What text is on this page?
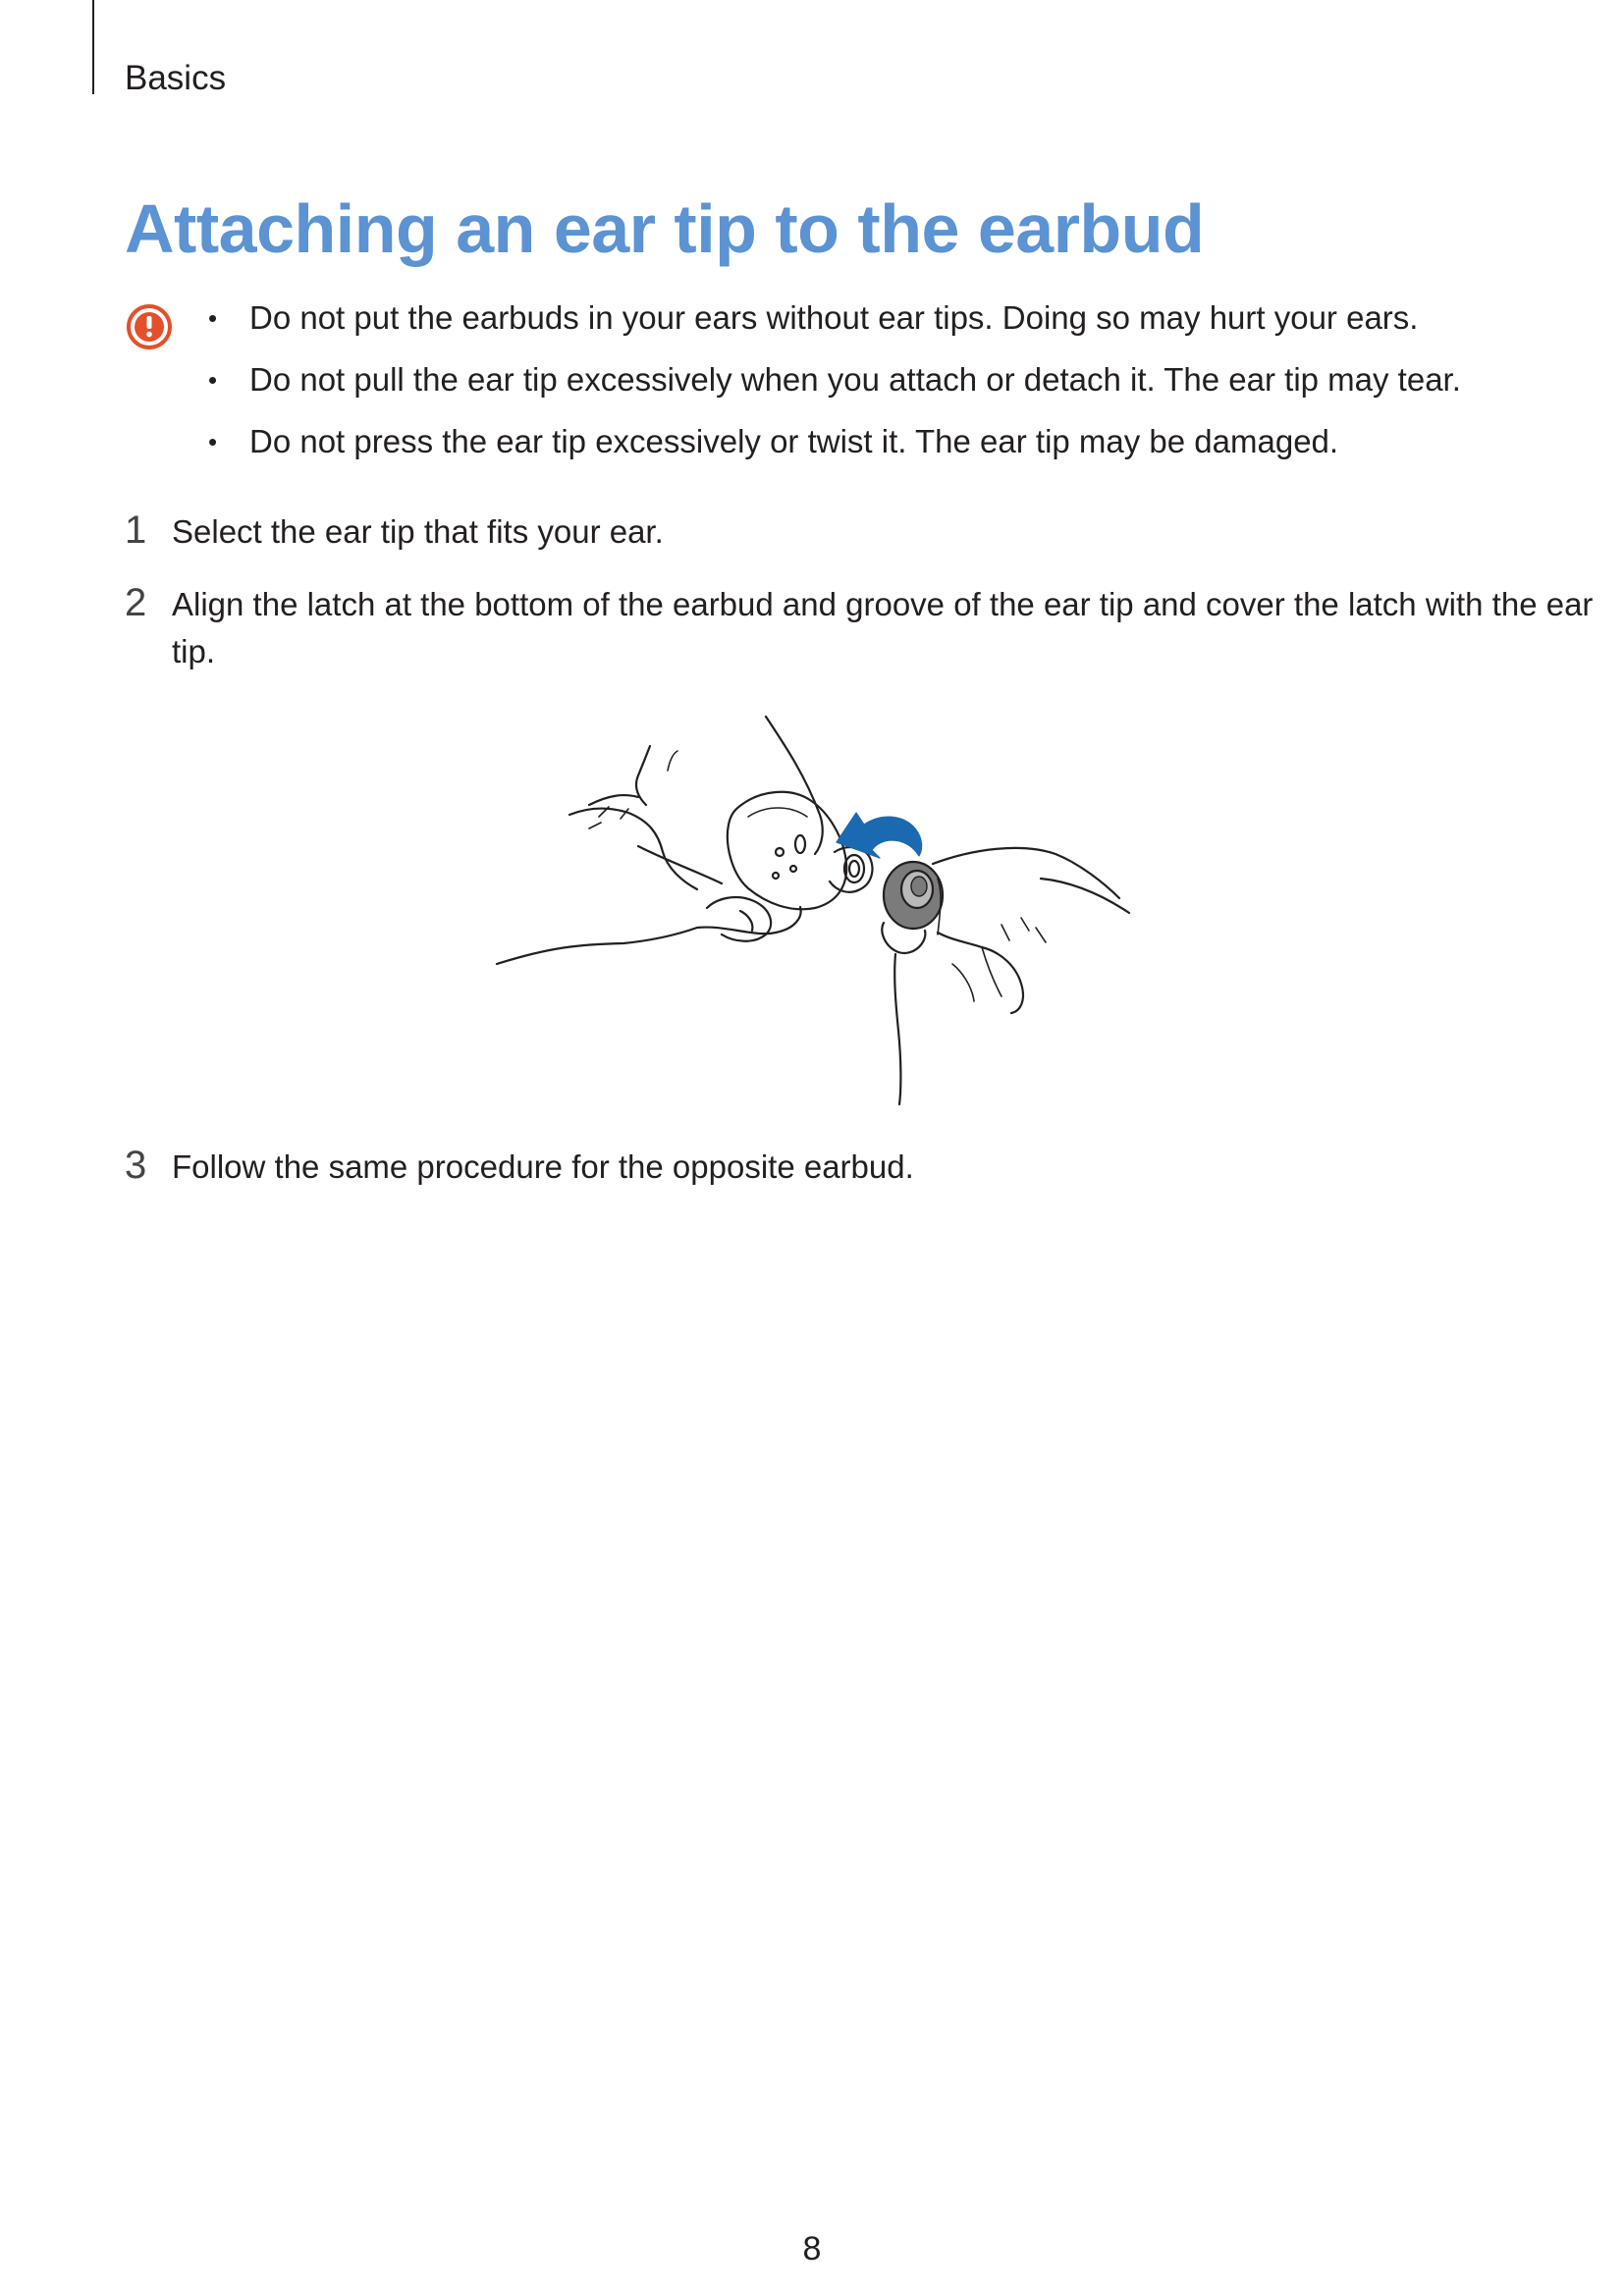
Basics
Attaching an ear tip to the earbud
• Do not put the earbuds in your ears without ear tips. Doing so may hurt your ears.
• Do not pull the ear tip excessively when you attach or detach it. The ear tip may tear.
• Do not press the ear tip excessively or twist it. The ear tip may be damaged.
1 Select the ear tip that fits your ear.
2 Align the latch at the bottom of the earbud and groove of the ear tip and cover the latch with the ear tip.
3 Follow the same procedure for the opposite earbud.
8
